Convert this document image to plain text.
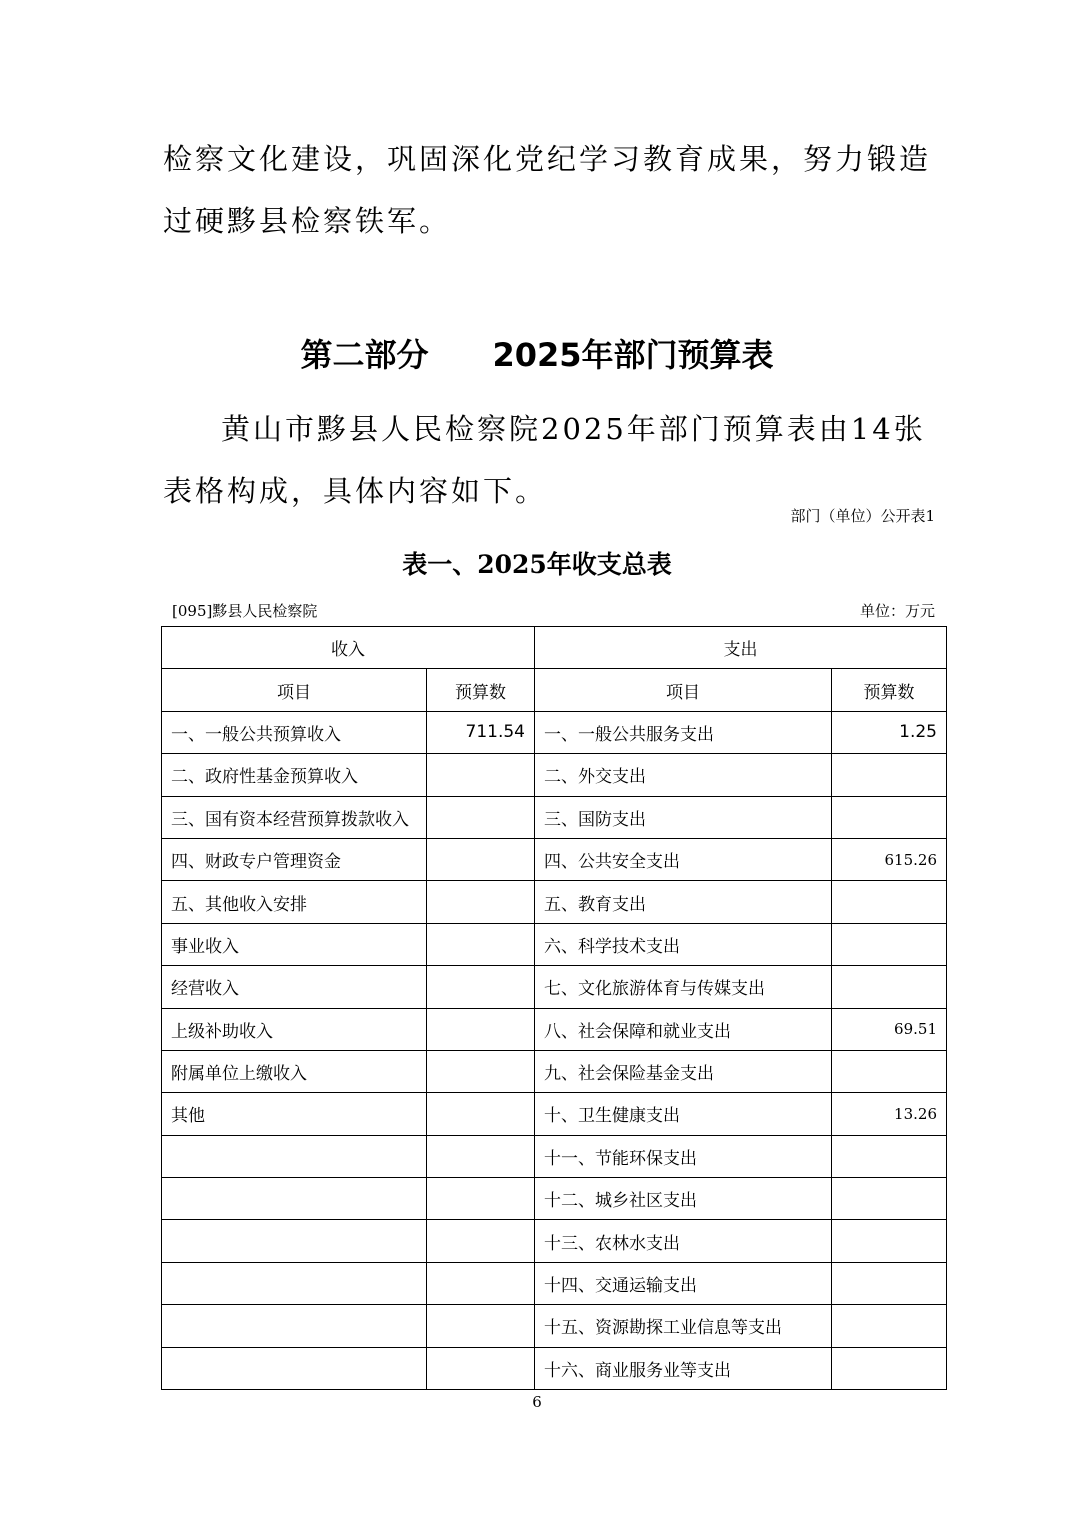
检察文化建设，巩固深化党纪学习教育成果，努力锻造过硬黟县检察铁军。

第二部分　　2025年部门预算表

黄山市黟县人民检察院2025年部门预算表由14张表格构成，具体内容如下。

部门（单位）公开表1

表一、2025年收支总表
[095]黟县人民检察院	单位：万元
收入		支出	
项目	预算数	项目	预算数
一、一般公共预算收入	711.54	一、一般公共服务支出	1.25
二、政府性基金预算收入		二、外交支出	
三、国有资本经营预算拨款收入		三、国防支出	
四、财政专户管理资金		四、公共安全支出	615.26
五、其他收入安排		五、教育支出	
事业收入		六、科学技术支出	
经营收入		七、文化旅游体育与传媒支出	
上级补助收入		八、社会保障和就业支出	69.51
附属单位上缴收入		九、社会保险基金支出	
其他		十、卫生健康支出	13.26
		十一、节能环保支出	
		十二、城乡社区支出	
		十三、农林水支出	
		十四、交通运输支出	
		十五、资源勘探工业信息等支出	
		十六、商业服务业等支出	

6
